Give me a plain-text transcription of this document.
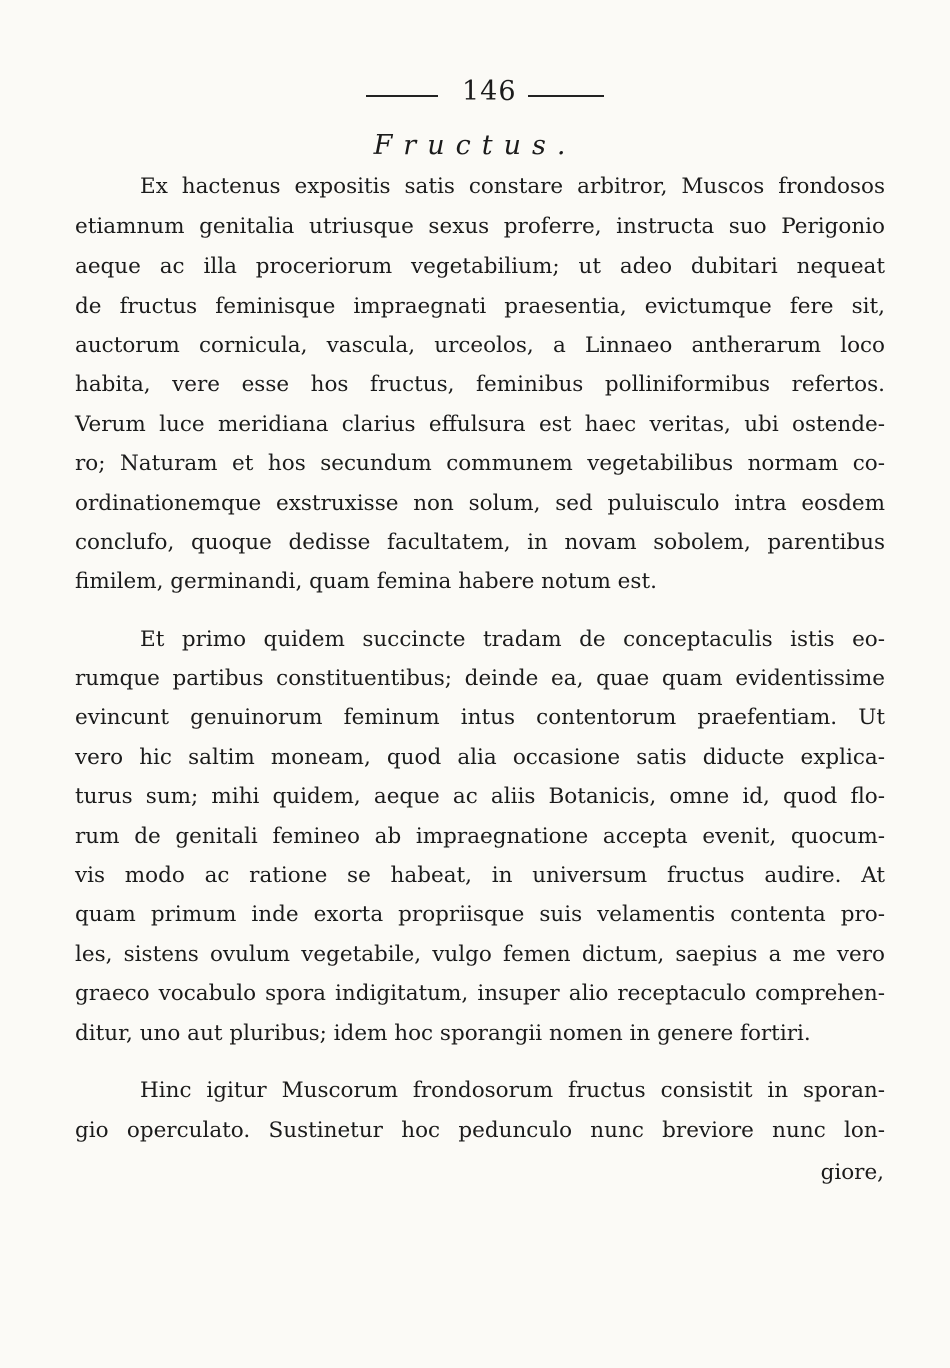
146
Fructus.
Ex hactenus expositis satis constare arbitror, Muscos frondosos
etiamnum genitalia utriusque sexus proferre, instructa suo Perigonio
aeque ac illa proceriorum vegetabilium; ut adeo dubitari nequeat
de fructus feminisque impraegnati praesentia, evictumque fere sit,
auctorum cornicula, vascula, urceolos, a Linnaeo antherarum loco
habita, vere esse hos fructus, feminibus polliniformibus refertos.
Verum luce meridiana clarius effulsura est haec veritas, ubi ostende-
ro; Naturam et hos secundum communem vegetabilibus normam co-
ordinationemque exstruxisse non solum, sed puluisculo intra eosdem
conclufo, quoque dedisse facultatem, in novam sobolem, parentibus
fimilem, germinandi, quam femina habere notum est.
Et primo quidem succincte tradam de conceptaculis istis eo-
rumque partibus constituentibus; deinde ea, quae quam evidentissime
evincunt genuinorum feminum intus contentorum praefentiam. Ut
vero hic saltim moneam, quod alia occasione satis diducte explica-
turus sum; mihi quidem, aeque ac aliis Botanicis, omne id, quod flo-
rum de genitali femineo ab impraegnatione accepta evenit, quocum-
vis modo ac ratione se habeat, in universum fructus audire. At
quam primum inde exorta propriisque suis velamentis contenta pro-
les, sistens ovulum vegetabile, vulgo femen dictum, saepius a me vero
graeco vocabulo spora indigitatum, insuper alio receptaculo comprehen-
ditur, uno aut pluribus; idem hoc sporangii nomen in genere fortiri.
Hinc igitur Muscorum frondosorum fructus consistit in sporan-
gio operculato. Sustinetur hoc pedunculo nunc breviore nunc lon-
giore,
